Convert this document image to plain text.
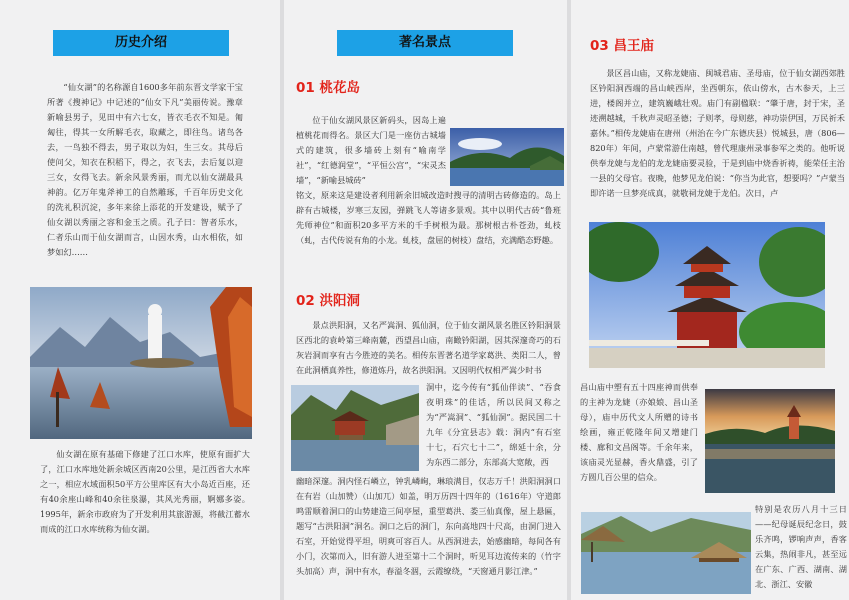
历史介绍
“仙女湖”的名称源自1600多年前东晋文学家干宝所著《搜神记》中记述的“仙女下凡”美丽传说。豫章新喻县男子，见田中有六七女，皆衣毛衣不知是。匍匐往，得其一女所解毛衣，取藏之，即往鸟。诸鸟各去，一鸟独不得去，男子取以为妇，生三女。其母后使问父，知衣在积稻下，得之，衣飞去，去后复以迎三女，女得飞去。新余风景秀丽，而尤以仙女湖最具神韵。亿万年鬼斧神工的自然雕琢，千百年历史文化的洗礼积沉淀，多年来徐上添花的开发建设，赋予了仙女湖以秀丽之容和金玉之质。孔子曰：智者乐水，仁者乐山而于仙女湖而言，山因水秀，山水相依，如梦如幻……
仙女湖在原有基础下修建了江口水库，使原有面扩大了，江口水库地处新余城区西南20公里，是江西省大水库之一，相应水域面积50平方公里库区有大小岛近百座，还有40余座山峰和40余往泉瀑，其风光秀丽，婀娜多姿。1995年，新余市政府为了开发利用其旅游源，将截江蓄水而成的江口水库统称为仙女湖。
著名景点
01 桃花岛
位于仙女湖风景区新码头，因岛上遍植桃花而得名。景区大门是一座仿古城墙式的建筑，很多墙砖上刻有“喻南学社”，“红德润堂”，“平恒公宫”，“宋灵杰墙”，“新喻县城砖”
铭文，原来这是建设者利用新余旧城改造时搜寻的清明古砖修造的。岛上辟有古城楼，岁寒三友园，弹跳飞人等诸多景观。其中以明代古砖“鲁班先师神位”和面积20多平方米的千手树根为最。那树根古朴苍劲，虬枝（虬，古代传说有角的小龙。虬枝，盘屈的树枝）盘结，充满酷态野趣。
02 洪阳洞
景点洪阳洞，又名严嵩洞、狐仙洞，位于仙女湖风景名胜区钤阳洞景区西北的袁岭第三峰南麓，西望昌山庙，南瞰钤阳湖，因其深邃奇巧的石灰岩洞而享有古今胜迹的美名。相传东晋著名道学家葛洪、类阳二人，曾在此洞栖真养性，修道炼丹，故名洪阳洞。又因明代权相严嵩少时书
洞中，迄今传有“狐仙伴读”、“吞食夜明珠”的佳话，所以民间又称之为“严嵩洞”、“狐仙洞”。据民国二十九年《分宜县志》载：洞内“有石室十七，石穴七十二”，绵延十余，分为东西二部分，东部高大宽敞，西
幽暗深邃。洞内怪石嶙立，钟乳嶙峋，琳琅满目，仅志万千！洪阳洞洞口在有岩（山加赞）（山加兀）如盖，明万历四十四年的（1616年）守道郎鸣雷顺着洞口的山势建造三间亭屋，重型葛洪、娄三仙真像，屋上悬匾，题写“古洪阳洞”洞名。洞口之后的洞门，东向高地四十尺高，由洞门进入石室，开始觉得平坦，明爽可容百人。从西洞进去，始感幽暗，每间各有小门，次第而入，旧有游人进至第十二个洞时，听见耳边流传来的（竹字头加高）声，洞中有水，春溢冬涸，云霞缭绕，“天窗通月影江津。”
03 昌王庙
景区昌山庙，又称龙婕庙、闽城君庙、圣母庙，位于仙女湖西郊胜区钤阳洞西端的昌山峡西岸，坐西朝东，依山傍水，古木参天，上三进，楼阁并立，建筑巍峨壮观。庙门有副楹联：“肇于唐，封于宋，圣迹溯越城，千秋声灵昭圣德；子则孝，母则慈，神功崇伊国，万民祈禾嘉休。”相传龙婕庙在唐州（州治在今广东德庆县）悦城县，唐（806—820年）年间，卢蒙常游仕南越，曾代理康州录事参军之类的。他听说供奉龙婕与龙伯的龙龙婕庙要灵验，于是到庙中烧香祈祷，能荣任主治一县的父母官。夜晚，他梦见龙伯说：“你当为此官，想要吗？”卢蒙当即许诺一旦梦亮成真，就敬祠龙婕于龙伯。次日，卢
昌山庙中塑有五十四座神而供奉的主神为龙婕（亦娘娘、昌山圣母），庙中历代文人所赠的诗书绘画，雍正乾隆年间又增建门楼、廊和文昌阁等。千余年来，该庙灵光显赫，香火鼎盛，引了方圆几百公里的信众。
特别是农历八月十三日——纪母诞辰纪念日，鼓乐齐鸣，锣响声声，香客云集，热闹非凡，甚至远在广东、广西、湖南、湖北、浙江、安徽
